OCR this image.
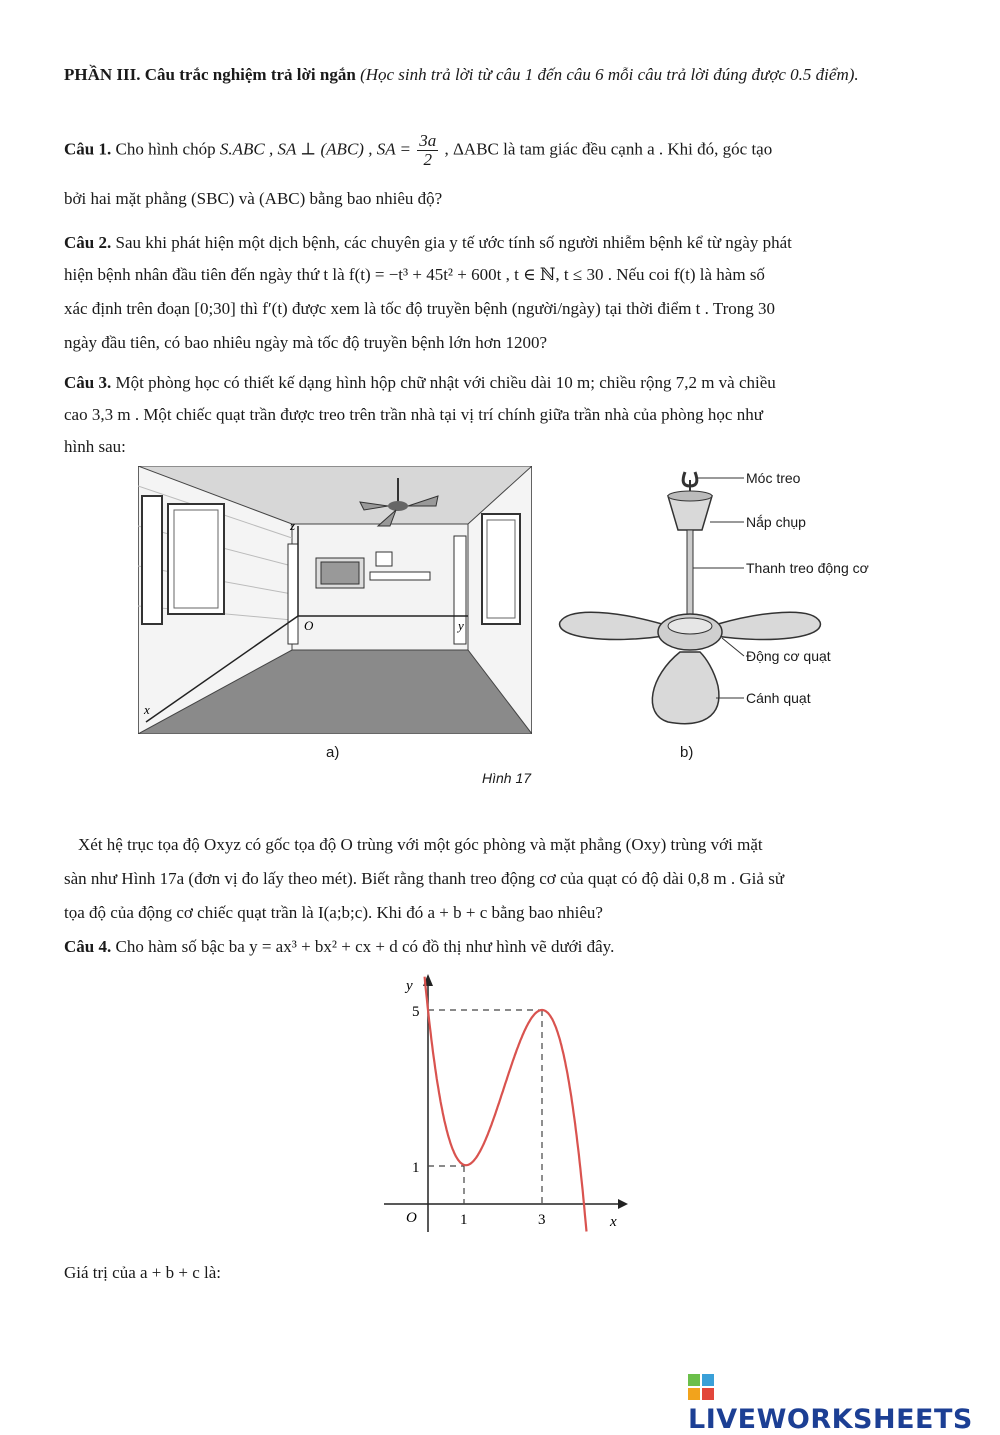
PHẦN III. Câu trắc nghiệm trả lời ngắn (Học sinh trả lời từ câu 1 đến câu 6 mỗi câu trả lời đúng được 0.5 điểm).
Câu 1. Cho hình chóp S.ABC , SA ⊥ (ABC) , SA = $\frac{3a}{2}$ , ΔABC là tam giác đều cạnh a . Khi đó, góc tạo
bởi hai mặt phẳng (SBC) và (ABC) bằng bao nhiêu độ?
Câu 2. Sau khi phát hiện một dịch bệnh, các chuyên gia y tế ước tính số người nhiễm bệnh kể từ ngày phát
hiện bệnh nhân đầu tiên đến ngày thứ t là f(t) = −t³ + 45t² + 600t , t ∈ ℕ, t ≤ 30 . Nếu coi f(t) là hàm số
xác định trên đoạn [0;30] thì f′(t) được xem là tốc độ truyền bệnh (người/ngày) tại thời điểm t . Trong 30
ngày đầu tiên, có bao nhiêu ngày mà tốc độ truyền bệnh lớn hơn 1200?
Câu 3. Một phòng học có thiết kế dạng hình hộp chữ nhật với chiều dài 10 m; chiều rộng 7,2 m và chiều
cao 3,3 m . Một chiếc quạt trần được treo trên trần nhà tại vị trí chính giữa trần nhà của phòng học như
hình sau:
z
O	y
x
a)
Móc treo
Nắp chụp
Thanh treo động cơ
Động cơ quạt
Cánh quạt
b)
Hình 17
Xét hệ trục tọa độ Oxyz có gốc tọa độ O trùng với một góc phòng và mặt phẳng (Oxy) trùng với mặt
sàn như Hình 17a (đơn vị đo lấy theo mét). Biết rằng thanh treo động cơ của quạt có độ dài 0,8 m . Giả sử
tọa độ của động cơ chiếc quạt trần là I(a;b;c). Khi đó a + b + c bằng bao nhiêu?
Câu 4. Cho hàm số bậc ba y = ax³ + bx² + cx + d có đồ thị như hình vẽ dưới đây.
y
x
O
5
1
1	3
Giá trị của a + b + c là:
LIVEWORKSHEETS
